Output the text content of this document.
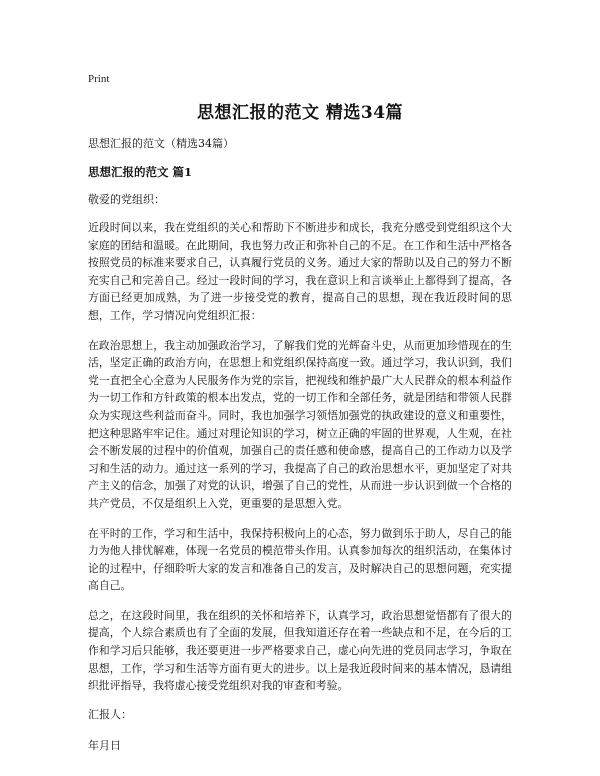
Print
思想汇报的范文 精选34篇
思想汇报的范文（精选34篇）
思想汇报的范文 篇1
敬爱的党组织：

近段时间以来，我在党组织的关心和帮助下不断进步和成长，我充分感受到党组织这个大家庭的团结和温暖。在此期间，我也努力改正和弥补自己的不足。在工作和生活中严格各按照党员的标准来要求自己，认真履行党员的义务。通过大家的帮助以及自己的努力不断充实自己和完善自己。经过一段时间的学习，我在意识上和言谈举止上都得到了提高，各方面已经更加成熟，为了进一步接受党的教育，提高自己的思想，现在我近段时间的思想，工作，学习情况向党组织汇报：

在政治思想上，我主动加强政治学习，了解我们党的光辉奋斗史，从而更加珍惜现在的生活，坚定正确的政治方向，在思想上和党组织保持高度一致。通过学习，我认识到，我们党一直把全心全意为人民服务作为党的宗旨，把视线和维护最广大人民群众的根本利益作为一切工作和方针政策的根本出发点，党的一切工作和全部任务，就是团结和带领人民群众为实现这些利益而奋斗。同时，我也加强学习领悟加强党的执政建设的意义和重要性，把这种思路牢牢记住。通过对理论知识的学习，树立正确的牢固的世界观，人生观，在社会不断发展的过程中的价值观，加强自己的责任感和使命感，提高自己的工作动力以及学习和生活的动力。通过这一系列的学习，我提高了自己的政治思想水平，更加坚定了对共产主义的信念，加强了对党的认识，增强了自己的党性，从而进一步认识到做一个合格的共产党员，不仅是组织上入党，更重要的是思想入党。

在平时的工作，学习和生活中，我保持积极向上的心态，努力做到乐于助人，尽自己的能力为他人排忧解难，体现一名党员的模范带头作用。认真参加每次的组织活动，在集体讨论的过程中，仔细聆听大家的发言和准备自己的发言，及时解决自己的思想问题，充实提高自己。

总之，在这段时间里，我在组织的关怀和培养下，认真学习，政治思想觉悟都有了很大的提高，个人综合素质也有了全面的发展，但我知道还存在着一些缺点和不足，在今后的工作和学习后只能够，我还要更进一步严格要求自己，虚心向先进的党员同志学习，争取在思想，工作，学习和生活等方面有更大的进步。以上是我近段时间来的基本情况，恳请组织批评指导，我将虚心接受党组织对我的审查和考验。

汇报人：
年月日
